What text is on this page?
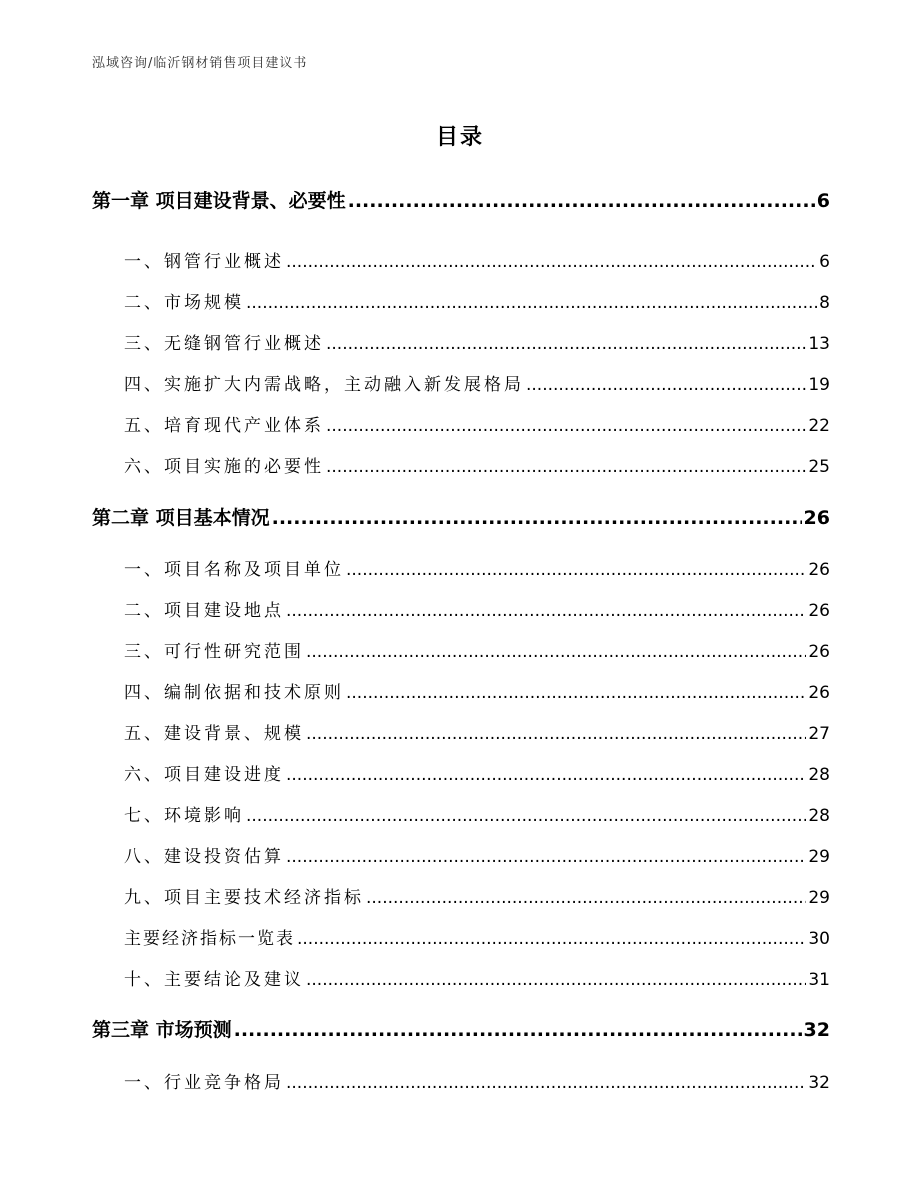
泓域咨询/临沂钢材销售项目建议书
目录
第一章 项目建设背景、必要性 .....	6
一、 钢管行业概述 .....	6
二、 市场规模 .....	8
三、 无缝钢管行业概述 .....	13
四、 实施扩大内需战略，主动融入新发展格局 .....	19
五、 培育现代产业体系 .....	22
六、 项目实施的必要性 .....	25
第二章 项目基本情况 .....	26
一、 项目名称及项目单位 .....	26
二、 项目建设地点 .....	26
三、 可行性研究范围 .....	26
四、 编制依据和技术原则 .....	26
五、 建设背景、规模 .....	27
六、 项目建设进度 .....	28
七、 环境影响 .....	28
八、 建设投资估算 .....	29
九、 项目主要技术经济指标 .....	29
主要经济指标一览表 .....	30
十、 主要结论及建议 .....	31
第三章 市场预测 .....	32
一、 行业竞争格局 .....	32
